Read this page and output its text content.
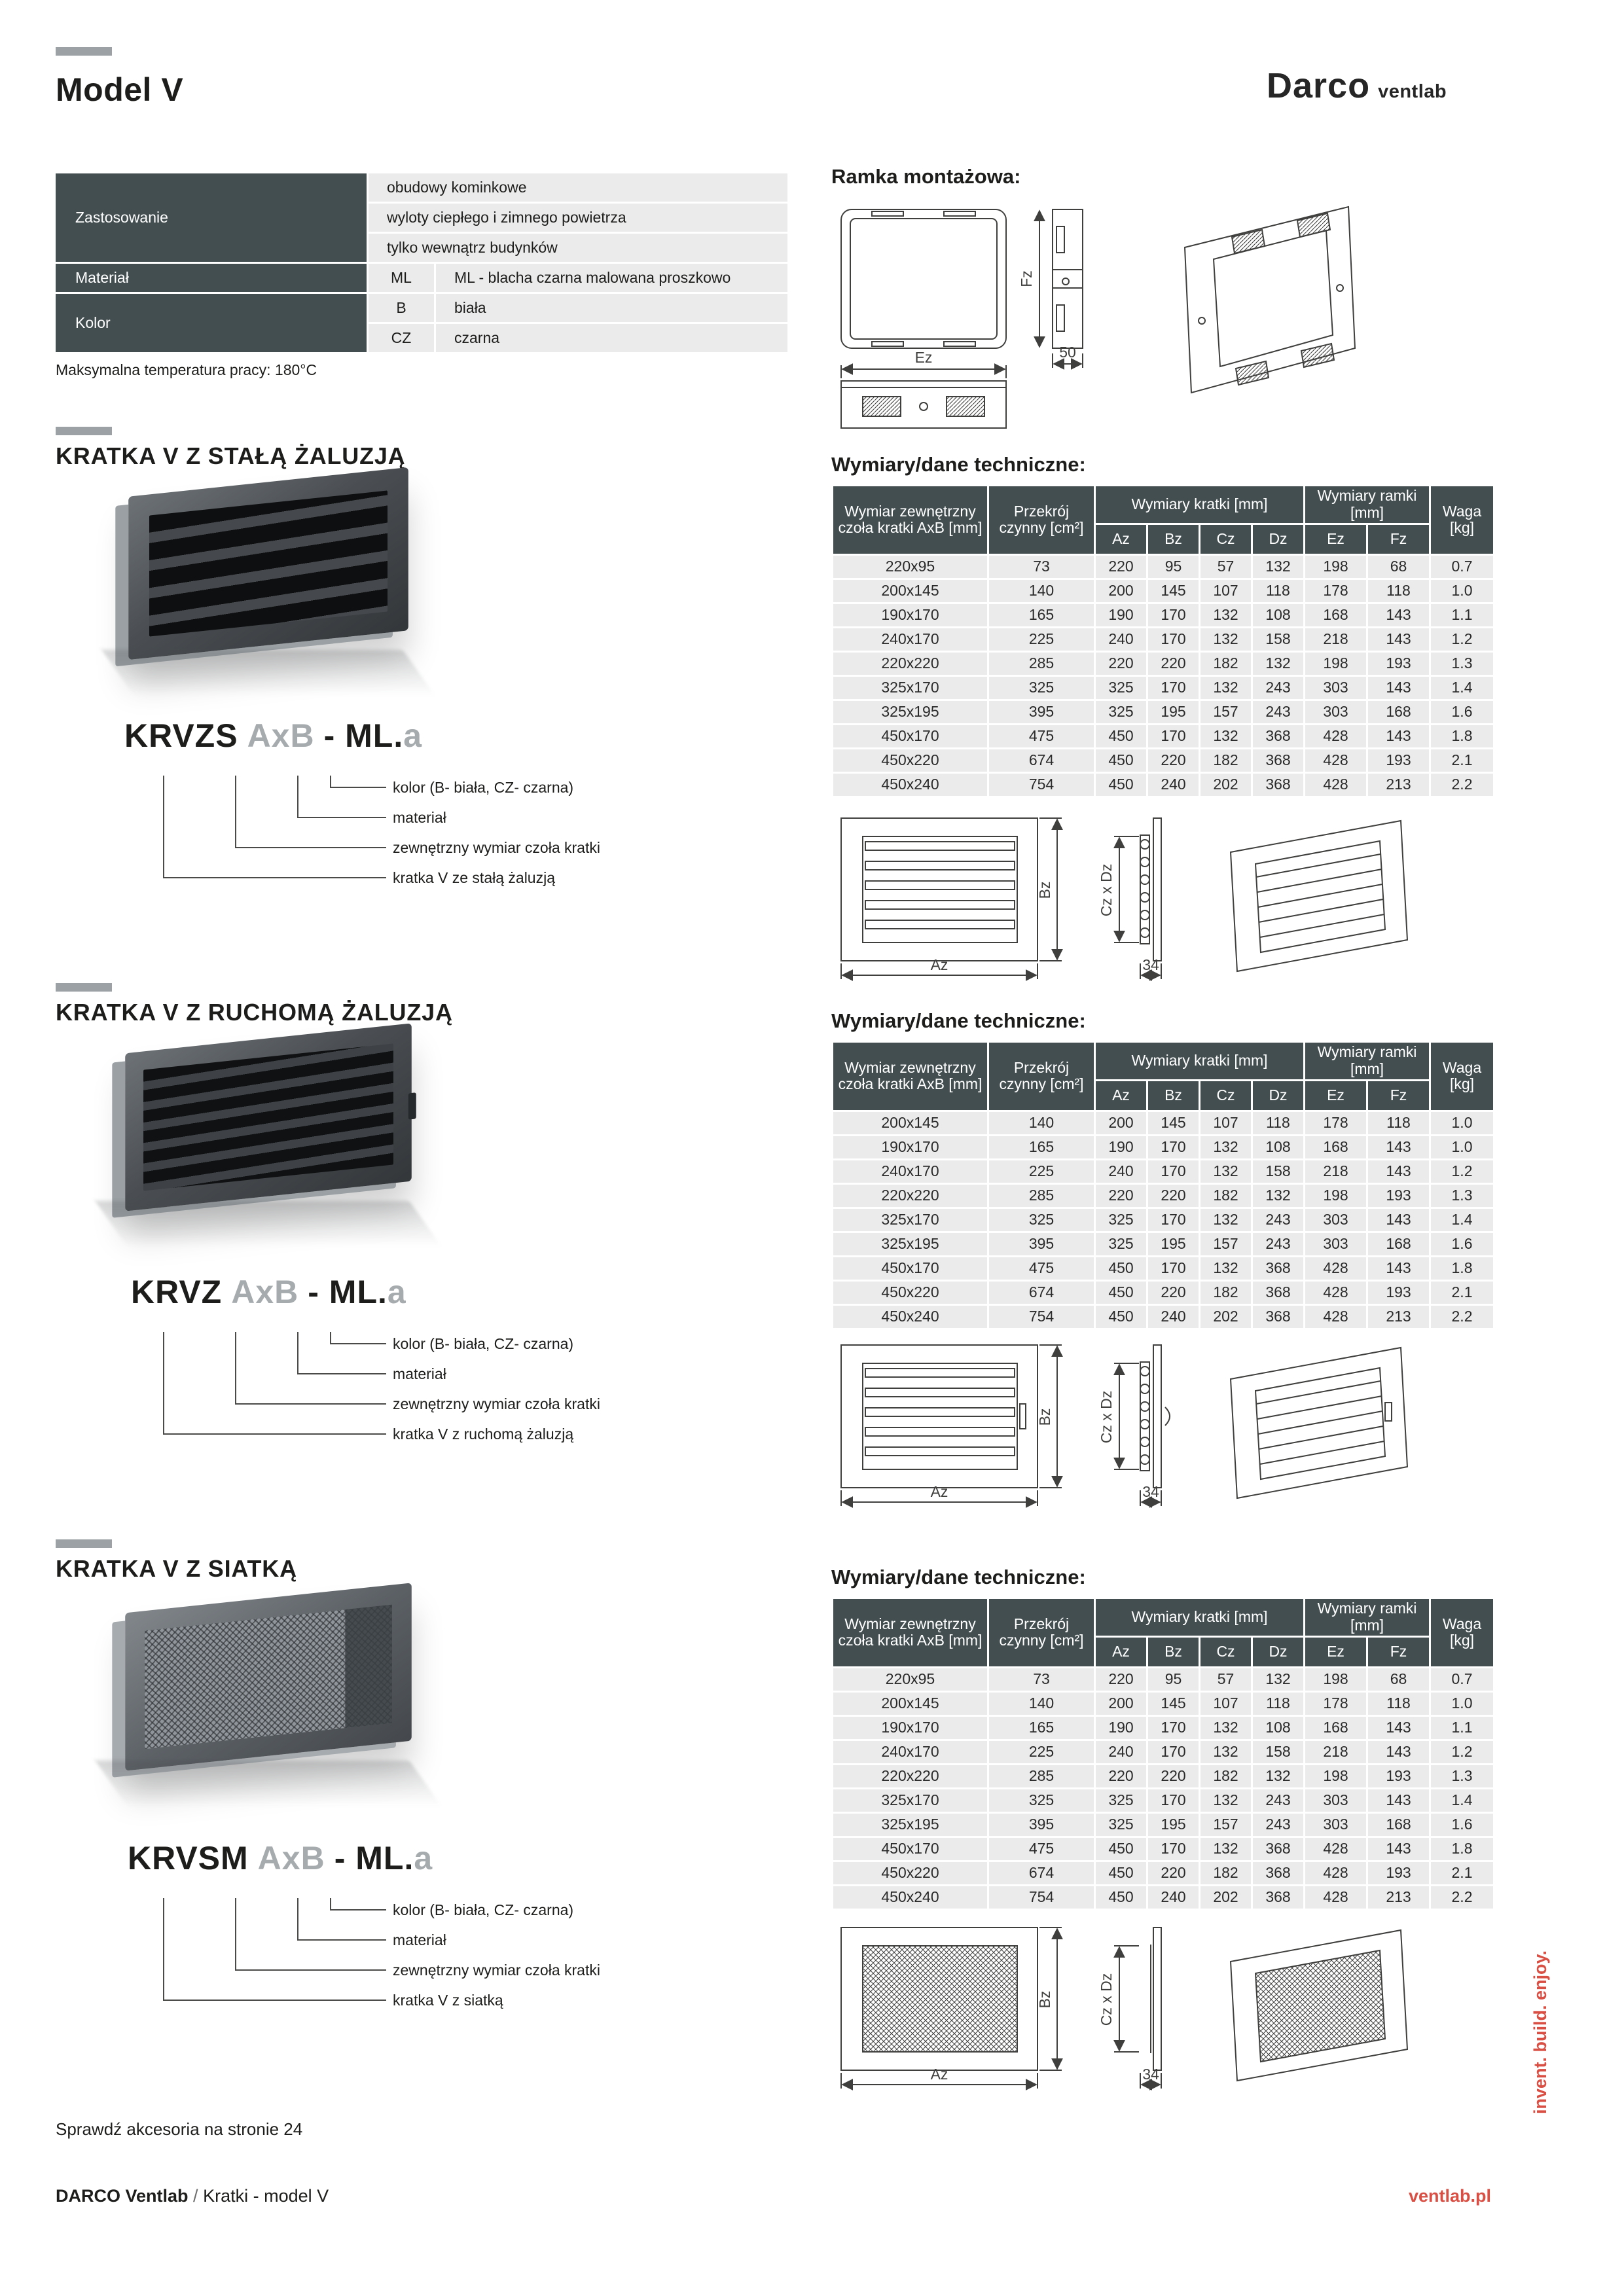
Model V	Darco ventlab
Zastosowanie
obudowy kominkowe
wyloty ciepłego i zimnego powietrza
tylko wewnątrz budynków
Materiał	ML	ML - blacha czarna malowana proszkowo
Kolor
B	biała
CZ	czarna
Maksymalna temperatura pracy: 180°C
Ramka montażowa:
Fz
50
Ez
KRATKA V Z STAŁĄ ŻALUZJĄ
KRVZS AxB - ML.a
kolor (B- biała, CZ- czarna)
materiał
zewnętrzny wymiar czoła kratki
kratka V ze stałą żaluzją
Wymiary/dane techniczne:
Wymiar zewnętrzny czoła kratki AxB [mm]	Przekrój czynny [cm²]	Wymiary kratki [mm]				Wymiary ramki [mm]		Waga [kg]
		Az	Bz	Cz	Dz	Ez	Fz	
220x95	73	220	95	57	132	198	68	0.7
200x145	140	200	145	107	118	178	118	1.0
190x170	165	190	170	132	108	168	143	1.1
240x170	225	240	170	132	158	218	143	1.2
220x220	285	220	220	182	132	198	193	1.3
325x170	325	325	170	132	243	303	143	1.4
325x195	395	325	195	157	243	303	168	1.6
450x170	475	450	170	132	368	428	143	1.8
450x220	674	450	220	182	368	428	193	2.1
450x240	754	450	240	202	368	428	213	2.2
Bz
Az
Cz x Dz
34
KRATKA V Z RUCHOMĄ ŻALUZJĄ
KRVZ AxB - ML.a
kolor (B- biała, CZ- czarna)
materiał
zewnętrzny wymiar czoła kratki
kratka V z ruchomą żaluzją
Wymiary/dane techniczne:
Wymiar zewnętrzny czoła kratki AxB [mm]	Przekrój czynny [cm²]	Wymiary kratki [mm]				Wymiary ramki [mm]		Waga [kg]
		Az	Bz	Cz	Dz	Ez	Fz	
200x145	140	200	145	107	118	178	118	1.0
190x170	165	190	170	132	108	168	143	1.0
240x170	225	240	170	132	158	218	143	1.2
220x220	285	220	220	182	132	198	193	1.3
325x170	325	325	170	132	243	303	143	1.4
325x195	395	325	195	157	243	303	168	1.6
450x170	475	450	170	132	368	428	143	1.8
450x220	674	450	220	182	368	428	193	2.1
450x240	754	450	240	202	368	428	213	2.2
Bz
Az
Cz x Dz
34
KRATKA V Z SIATKĄ
KRVSM AxB - ML.a
kolor (B- biała, CZ- czarna)
materiał
zewnętrzny wymiar czoła kratki
kratka V z siatką
Wymiary/dane techniczne:
Wymiar zewnętrzny czoła kratki AxB [mm]	Przekrój czynny [cm²]	Wymiary kratki [mm]				Wymiary ramki [mm]		Waga [kg]
		Az	Bz	Cz	Dz	Ez	Fz	
220x95	73	220	95	57	132	198	68	0.7
200x145	140	200	145	107	118	178	118	1.0
190x170	165	190	170	132	108	168	143	1.1
240x170	225	240	170	132	158	218	143	1.2
220x220	285	220	220	182	132	198	193	1.3
325x170	325	325	170	132	243	303	143	1.4
325x195	395	325	195	157	243	303	168	1.6
450x170	475	450	170	132	368	428	143	1.8
450x220	674	450	220	182	368	428	193	2.1
450x240	754	450	240	202	368	428	213	2.2
Bz
Az
Cz x Dz
34
Sprawdź akcesoria na stronie 24
DARCO Ventlab / Kratki - model V	ventlab.pl
invent. build. enjoy.
